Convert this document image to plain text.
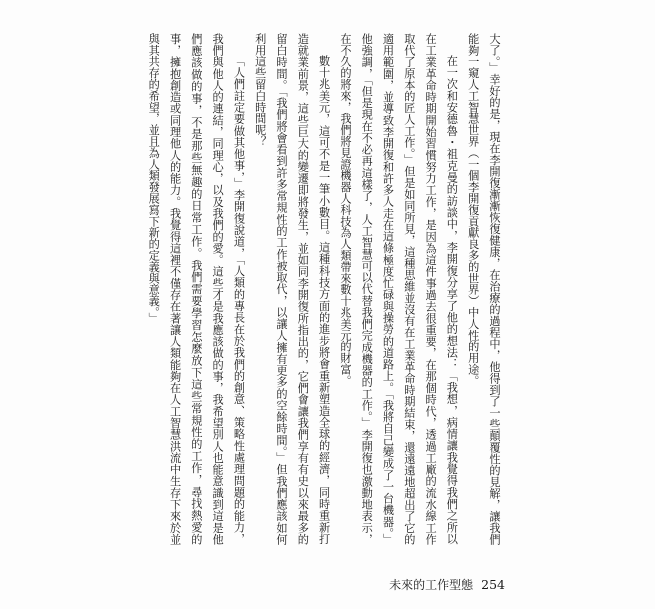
大了。」幸好的是，現在李開復漸漸恢復健康，在治療的過程中，他得到了一些顛覆性的見解，讓我們能夠一窺人工智慧世界（一個李開復貢獻良多的世界）中人性的用途。

在一次和安德魯・祖克曼的訪談中，李開復分享了他的想法：「我想，病情讓我覺得我們之所以在工業革命時期開始習慣努力工作，是因為這件事過去很重要，在那個時代，透過工廠的流水線工作取代了原本的匠人工作。」但是如同所見，這種思維並沒有在工業革命時期結束，還遠遠地超出了它的適用範圍，並導致李開復和許多人走在這條極度忙碌與操勞的道路上。「我將自己變成了一台機器。」他強調，「但是現在不必再這樣了，人工智慧可以代替我們完成機器的工作。」李開復也激動地表示，在不久的將來，我們將見證機器人科技為人類帶來數十兆美元的財富。

數十兆美元，這可不是一筆小數目。這種科技方面的進步將會重新塑造全球的經濟，同時重新打造就業前景，這些巨大的變遷即將發生，並如同李開復所指出的，它們會讓我們享有有史以來最多的留白時間。「我們將會看到許多常規性的工作被取代，以讓人擁有更多的空餘時間。」但我們應該如何利用這些留白時間呢？

「人們註定要做其他事，」李開復說道，「人類的專長在於我們的創意、策略性處理問題的能力，我們與他人的連結，同理心，以及我們的愛。這些才是我應該做的事，我希望別人也能意識到這是他們應該做的事，不是那些無趣的日常工作。我們需要學習怎麼放下這些常規性的工作，尋找熱愛的事，擁抱創造或同理他人的能力。我覺得這裡不僅存在著讓人類能夠在人工智慧洪流中生存下來於並與其共存的希望，並且為人類發展寫下新的定義與意義。」

未來的工作型態 254
